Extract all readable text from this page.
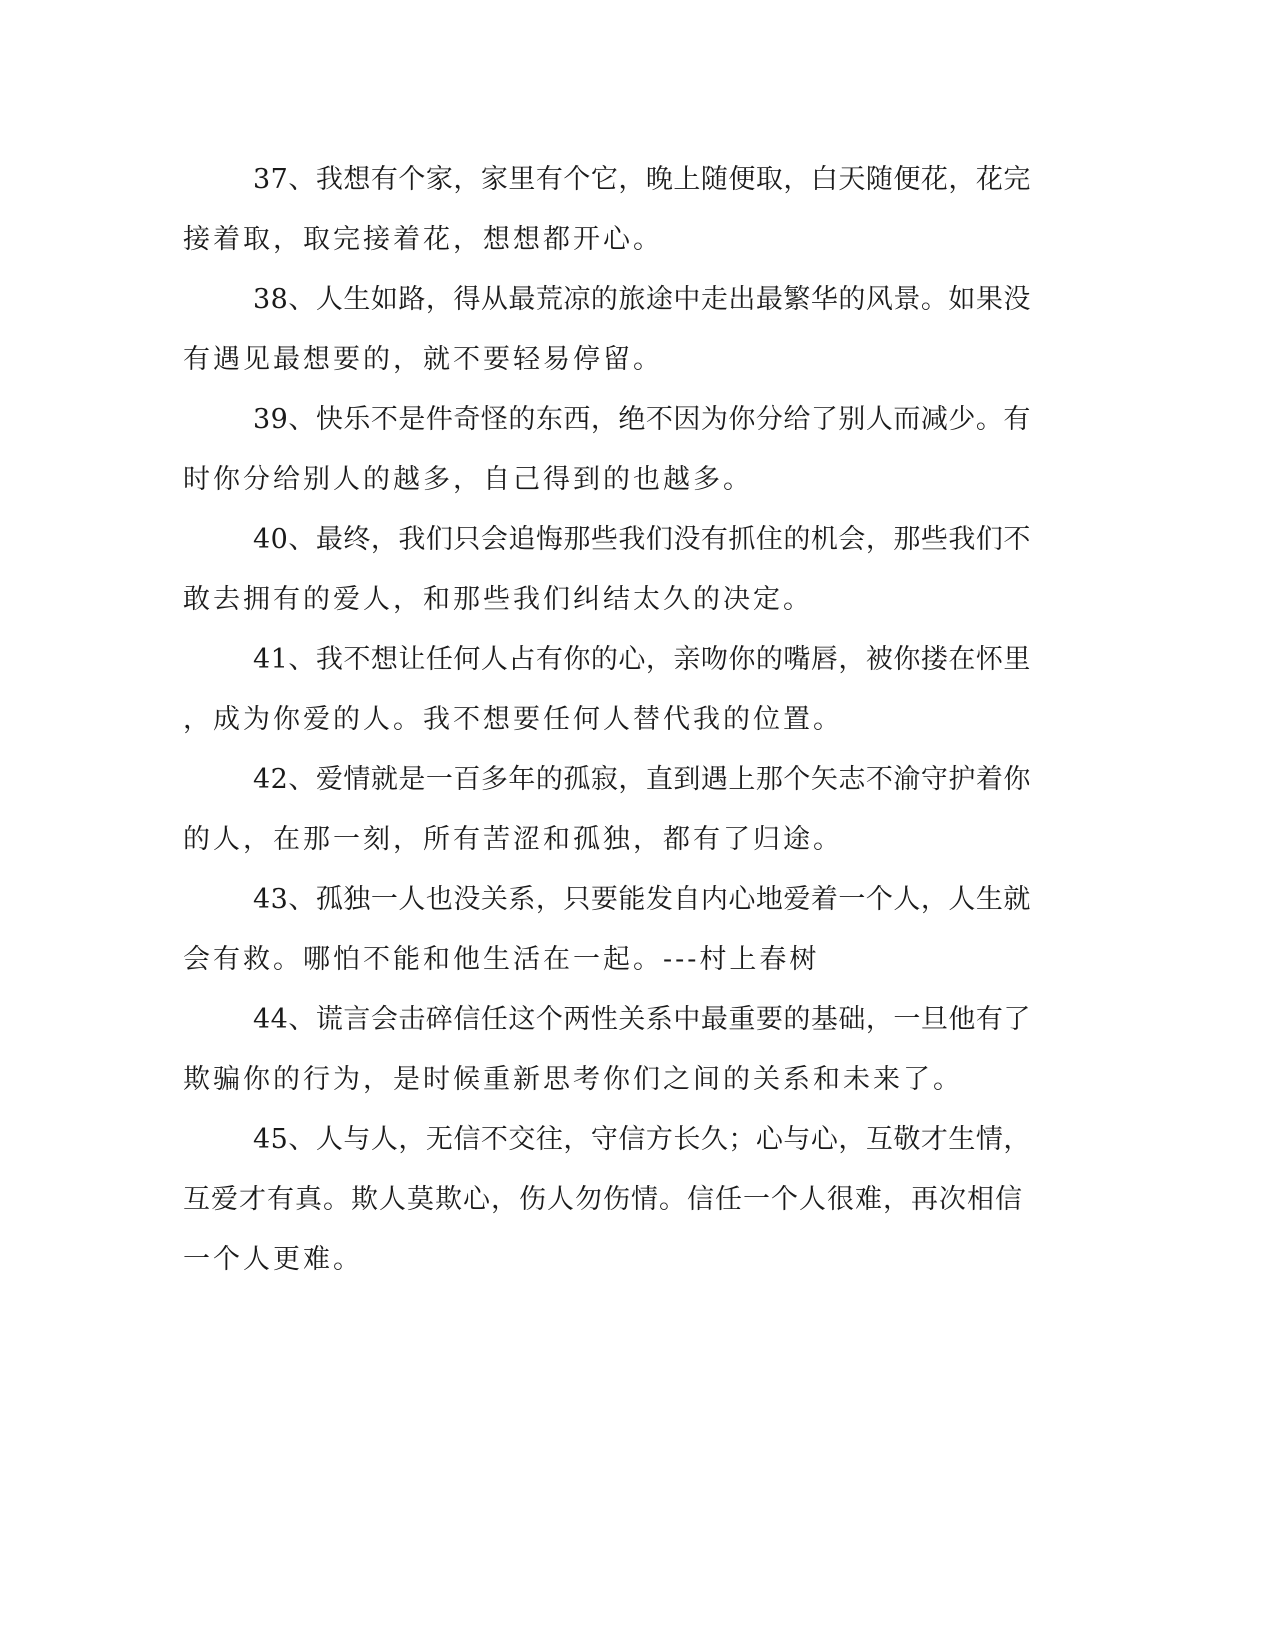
37、我想有个家，家里有个它，晚上随便取，白天随便花，花完
接着取，取完接着花，想想都开心。

38、人生如路，得从最荒凉的旅途中走出最繁华的风景。如果没
有遇见最想要的，就不要轻易停留。

39、快乐不是件奇怪的东西，绝不因为你分给了别人而减少。有
时你分给别人的越多，自己得到的也越多。

40、最终，我们只会追悔那些我们没有抓住的机会，那些我们不
敢去拥有的爱人，和那些我们纠结太久的决定。

41、我不想让任何人占有你的心，亲吻你的嘴唇，被你搂在怀里
，成为你爱的人。我不想要任何人替代我的位置。

42、爱情就是一百多年的孤寂，直到遇上那个矢志不渝守护着你
的人，在那一刻，所有苦涩和孤独，都有了归途。

43、孤独一人也没关系，只要能发自内心地爱着一个人，人生就
会有救。哪怕不能和他生活在一起。---村上春树

44、谎言会击碎信任这个两性关系中最重要的基础，一旦他有了
欺骗你的行为，是时候重新思考你们之间的关系和未来了。

45、人与人，无信不交往，守信方长久；心与心，互敬才生情，
互爱才有真。欺人莫欺心，伤人勿伤情。信任一个人很难，再次相信
一个人更难。
